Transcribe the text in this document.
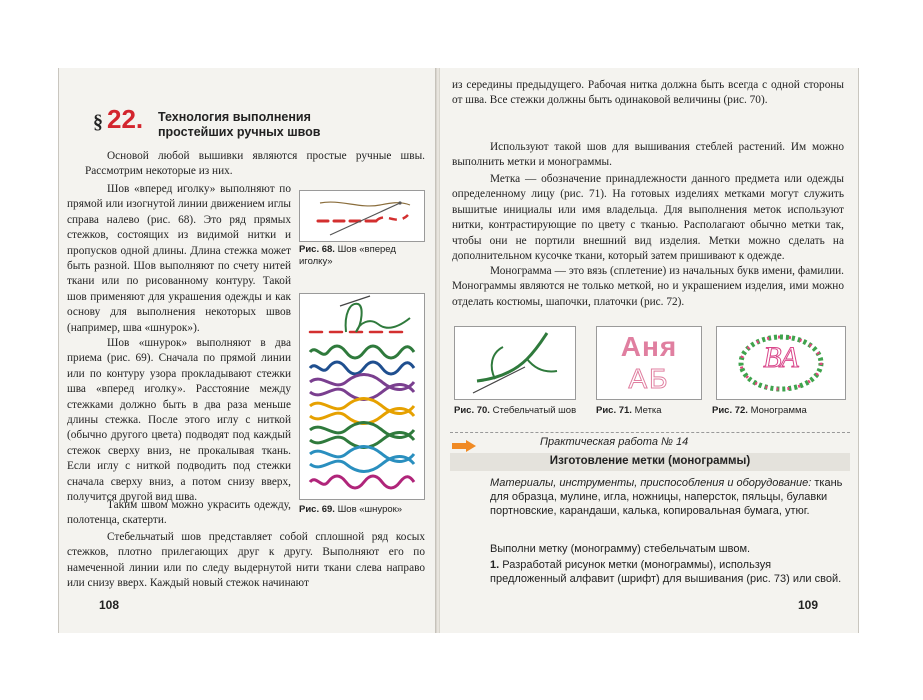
§ 22. Технология выполнения
простейших ручных швов

Основой любой вышивки являются простые ручные швы. Рассмотрим некоторые из них.

Шов «вперед иголку» выполняют по прямой или изогнутой линии движением иглы справа налево (рис. 68). Это ряд прямых стежков, состоящих из видимой нитки и пропусков одной длины. Длина стежка может быть разной. Шов выполняют по счету нитей ткани или по рисованному контуру. Такой шов применяют для украшения одежды и как основу для выполнения некоторых швов (например, шва «шнурок»).

Рис. 68. Шов «вперед иголку»

Шов «шнурок» выполняют в два приема (рис. 69). Сначала по прямой линии или по контуру узора прокладывают стежки шва «вперед иголку». Расстояние между стежками должно быть в два раза меньше длины стежка. После этого иглу с ниткой (обычно другого цвета) подводят под каждый стежок сверху вниз, не прокалывая ткань. Если иглу с ниткой подводить под стежки сначала сверху вниз, а потом снизу вверх, получится другой вид шва.

Рис. 69. Шов «шнурок»

Таким швом можно украсить одежду, полотенца, скатерти.

Стебельчатый шов представляет собой сплошной ряд косых стежков, плотно прилегающих друг к другу. Выполняют его по намеченной линии или по следу выдернутой нити ткани слева направо или снизу вверх. Каждый новый стежок начинают

108

из середины предыдущего. Рабочая нитка должна быть всегда с одной стороны от шва. Все стежки должны быть одинаковой величины (рис. 70).

Используют такой шов для вышивания стеблей растений. Им можно выполнить метки и монограммы.

Метка — обозначение принадлежности данного предмета или одежды определенному лицу (рис. 71). На готовых изделиях метками могут служить вышитые инициалы или имя владельца. Для выполнения меток используют нитки, контрастирующие по цвету с тканью. Располагают обычно метки так, чтобы они не портили внешний вид изделия. Метки можно сделать на дополнительном кусочке ткани, который затем пришивают к одежде.

Монограмма — это вязь (сплетение) из начальных букв имени, фамилии. Монограммы являются не только меткой, но и украшением изделия, ими можно отделать костюмы, шапочки, платочки (рис. 72).

Рис. 70. Стебельчатый шов
Аня
АБ
Рис. 71. Метка
ВА
Рис. 72. Монограмма
Практическая работа № 14
Изготовление метки (монограммы)
Материалы, инструменты, приспособления и оборудование: ткань для образца, мулине, игла, ножницы, наперсток, пяльцы, булавки портновские, карандаши, калька, копировальная бумага, утюг.
Выполни метку (монограмму) стебельчатым швом.
1. Разработай рисунок метки (монограммы), используя предложенный алфавит (шрифт) для вышивания (рис. 73) или свой.
109
